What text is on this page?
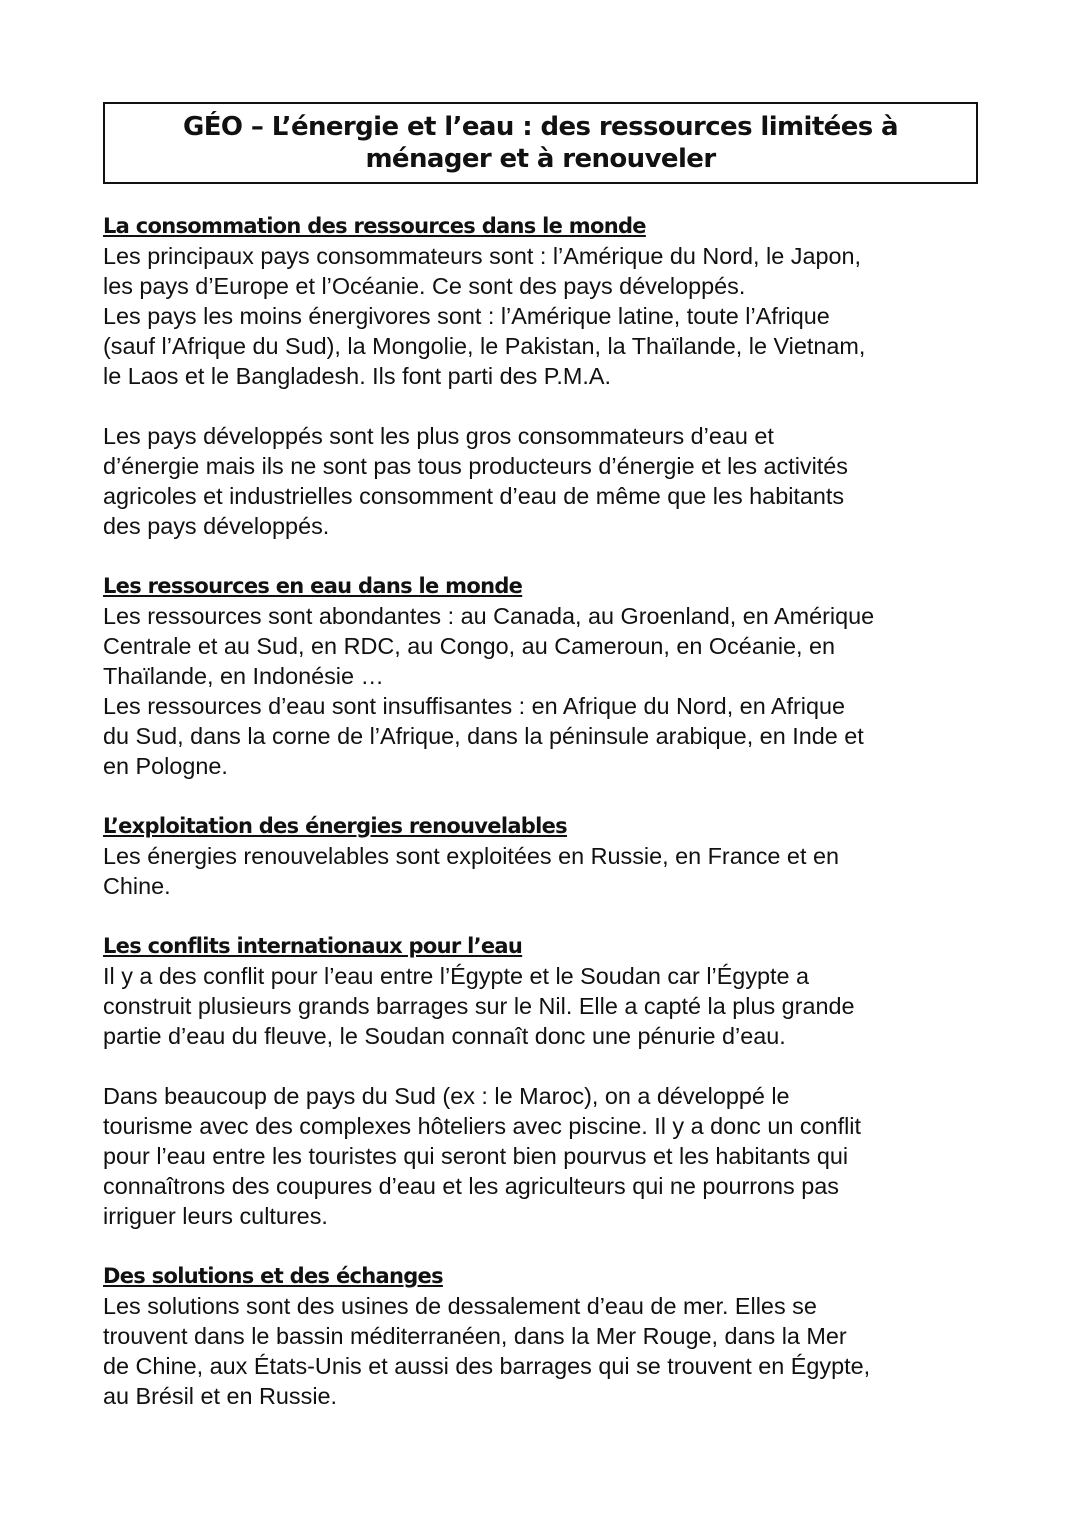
GÉO – L’énergie et l’eau : des ressources limitées à
ménager et à renouveler
La consommation des ressources dans le monde
Les principaux pays consommateurs sont : l’Amérique du Nord, le Japon,
les pays d’Europe et l’Océanie. Ce sont des pays développés.
Les pays les moins énergivores sont : l’Amérique latine, toute l’Afrique
(sauf l’Afrique du Sud), la Mongolie, le Pakistan, la Thaïlande, le Vietnam,
le Laos et le Bangladesh. Ils font parti des P.M.A.
Les pays développés sont les plus gros consommateurs d’eau et
d’énergie mais ils ne sont pas tous producteurs d’énergie et les activités
agricoles et industrielles consomment d’eau de même que les habitants
des pays développés.
Les ressources en eau dans le monde
Les ressources sont abondantes : au Canada, au Groenland, en Amérique
Centrale et au Sud, en RDC, au Congo, au Cameroun, en Océanie, en
Thaïlande, en Indonésie …
Les ressources d’eau sont insuffisantes : en Afrique du Nord, en Afrique
du Sud, dans la corne de l’Afrique, dans la péninsule arabique, en Inde et
en Pologne.
L’exploitation des énergies renouvelables
Les énergies renouvelables sont exploitées en Russie, en France et en
Chine.
Les conflits internationaux pour l’eau
Il y a des conflit pour l’eau entre l’Égypte et le Soudan car l’Égypte a
construit plusieurs grands barrages sur le Nil. Elle a capté la plus grande
partie d’eau du fleuve, le Soudan connaît donc une pénurie d’eau.
Dans beaucoup de pays du Sud (ex : le Maroc), on a développé le
tourisme avec des complexes hôteliers avec piscine. Il y a donc un conflit
pour l’eau entre les touristes qui seront bien pourvus et les habitants qui
connaîtrons des coupures d’eau et les agriculteurs qui ne pourrons pas
irriguer leurs cultures.
Des solutions et des échanges
Les solutions sont des usines de dessalement d’eau de mer. Elles se
trouvent dans le bassin méditerranéen, dans la Mer Rouge, dans la Mer
de Chine, aux États-Unis et aussi des barrages qui se trouvent en Égypte,
au Brésil et en Russie.
